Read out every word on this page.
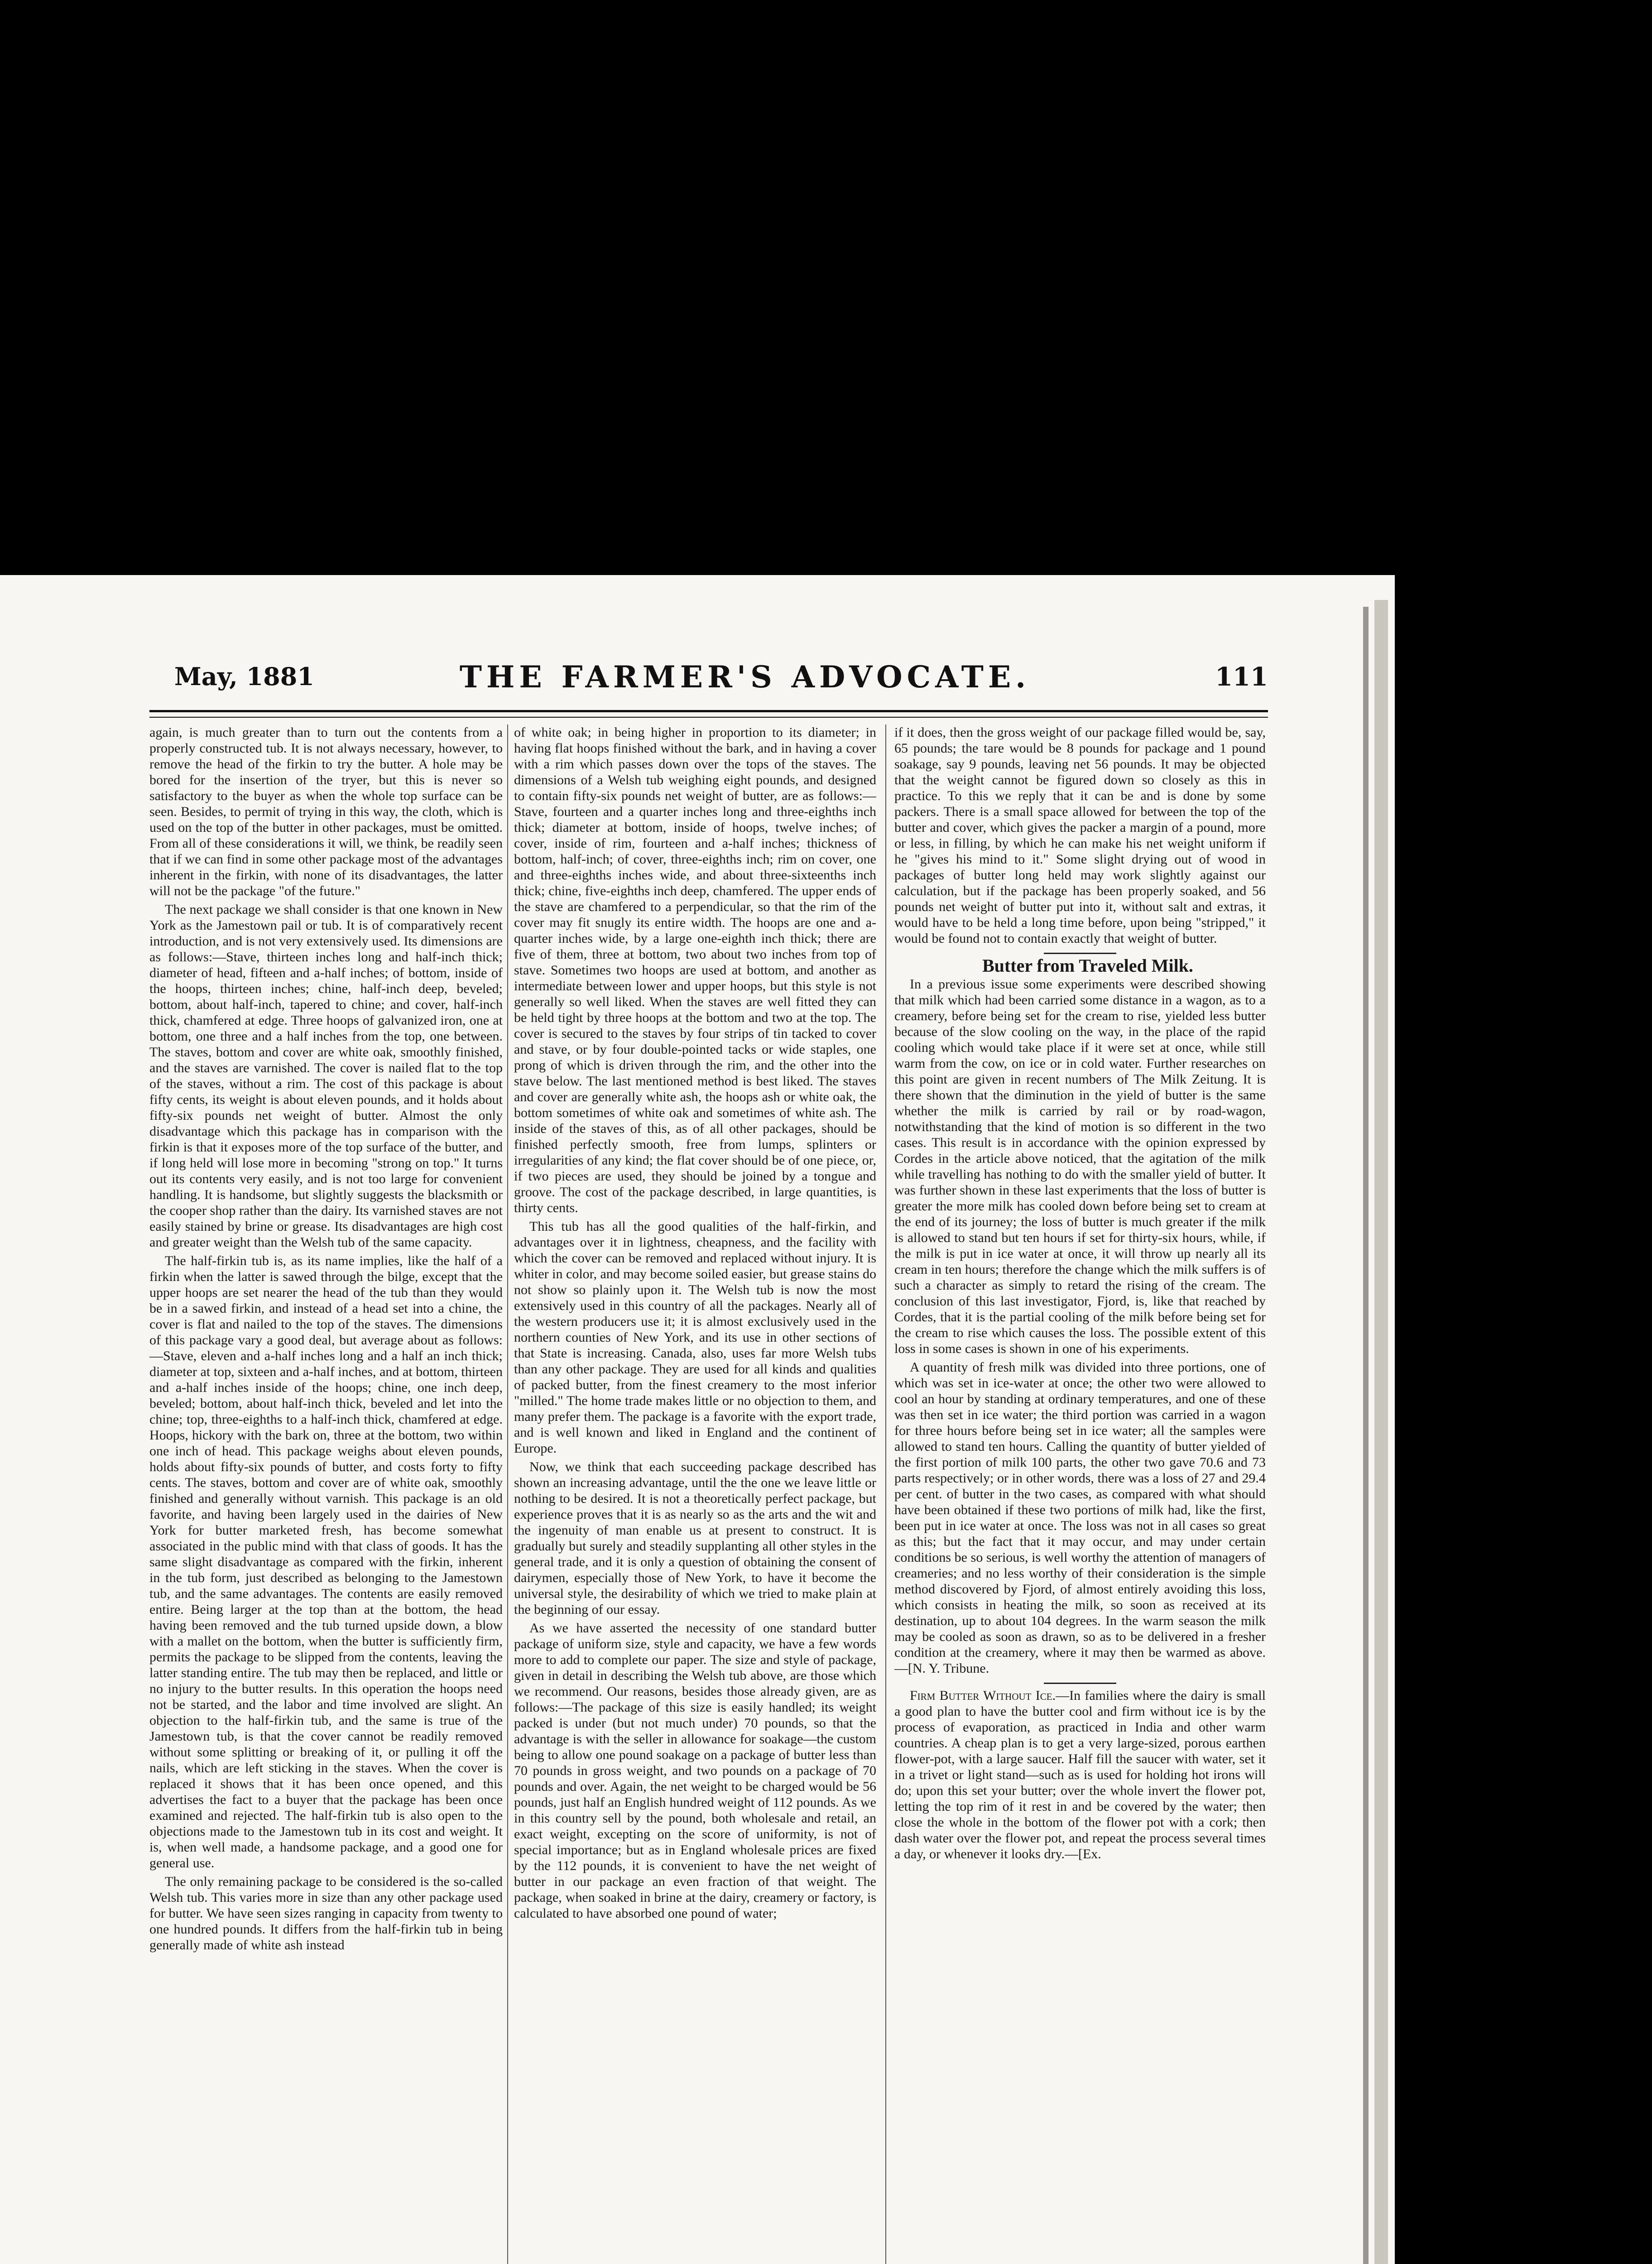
May, 1881	THE FARMER'S ADVOCATE.	111

again, is much greater than to turn out the contents from a properly constructed tub. It is not always necessary, however, to remove the head of the firkin to try the butter. A hole may be bored for the insertion of the tryer, but this is never so satisfactory to the buyer as when the whole top surface can be seen. Besides, to permit of trying in this way, the cloth, which is used on the top of the butter in other packages, must be omitted. From all of these considerations it will, we think, be readily seen that if we can find in some other package most of the advantages inherent in the firkin, with none of its disadvantages, the latter will not be the package "of the future."

The next package we shall consider is that one known in New York as the Jamestown pail or tub. It is of comparatively recent introduction, and is not very extensively used. Its dimensions are as follows:—Stave, thirteen inches long and half-inch thick; diameter of head, fifteen and a-half inches; of bottom, inside of the hoops, thirteen inches; chine, half-inch deep, beveled; bottom, about half-inch, tapered to chine; and cover, half-inch thick, chamfered at edge. Three hoops of galvanized iron, one at bottom, one three and a half inches from the top, one between. The staves, bottom and cover are white oak, smoothly finished, and the staves are varnished. The cover is nailed flat to the top of the staves, without a rim. The cost of this package is about fifty cents, its weight is about eleven pounds, and it holds about fifty-six pounds net weight of butter. Almost the only disadvantage which this package has in comparison with the firkin is that it exposes more of the top surface of the butter, and if long held will lose more in becoming "strong on top." It turns out its contents very easily, and is not too large for convenient handling. It is handsome, but slightly suggests the blacksmith or the cooper shop rather than the dairy. Its varnished staves are not easily stained by brine or grease. Its disadvantages are high cost and greater weight than the Welsh tub of the same capacity.

The half-firkin tub is, as its name implies, like the half of a firkin when the latter is sawed through the bilge, except that the upper hoops are set nearer the head of the tub than they would be in a sawed firkin, and instead of a head set into a chine, the cover is flat and nailed to the top of the staves. The dimensions of this package vary a good deal, but average about as follows:—Stave, eleven and a-half inches long and a half an inch thick; diameter at top, sixteen and a-half inches, and at bottom, thirteen and a-half inches inside of the hoops; chine, one inch deep, beveled; bottom, about half-inch thick, beveled and let into the chine; top, three-eighths to a half-inch thick, chamfered at edge. Hoops, hickory with the bark on, three at the bottom, two within one inch of head. This package weighs about eleven pounds, holds about fifty-six pounds of butter, and costs forty to fifty cents. The staves, bottom and cover are of white oak, smoothly finished and generally without varnish. This package is an old favorite, and having been largely used in the dairies of New York for butter marketed fresh, has become somewhat associated in the public mind with that class of goods. It has the same slight disadvantage as compared with the firkin, inherent in the tub form, just described as belonging to the Jamestown tub, and the same advantages. The contents are easily removed entire. Being larger at the top than at the bottom, the head having been removed and the tub turned upside down, a blow with a mallet on the bottom, when the butter is sufficiently firm, permits the package to be slipped from the contents, leaving the latter standing entire. The tub may then be replaced, and little or no injury to the butter results. In this operation the hoops need not be started, and the labor and time involved are slight. An objection to the half-firkin tub, and the same is true of the Jamestown tub, is that the cover cannot be readily removed without some splitting or breaking of it, or pulling it off the nails, which are left sticking in the staves. When the cover is replaced it shows that it has been once opened, and this advertises the fact to a buyer that the package has been once examined and rejected. The half-firkin tub is also open to the objections made to the Jamestown tub in its cost and weight. It is, when well made, a handsome package, and a good one for general use.

The only remaining package to be considered is the so-called Welsh tub. This varies more in size than any other package used for butter. We have seen sizes ranging in capacity from twenty to one hundred pounds. It differs from the half-firkin tub in being generally made of white ash instead

of white oak; in being higher in proportion to its diameter; in having flat hoops finished without the bark, and in having a cover with a rim which passes down over the tops of the staves. The dimensions of a Welsh tub weighing eight pounds, and designed to contain fifty-six pounds net weight of butter, are as follows:—Stave, fourteen and a quarter inches long and three-eighths inch thick; diameter at bottom, inside of hoops, twelve inches; of cover, inside of rim, fourteen and a-half inches; thickness of bottom, half-inch; of cover, three-eighths inch; rim on cover, one and three-eighths inches wide, and about three-sixteenths inch thick; chine, five-eighths inch deep, chamfered. The upper ends of the stave are chamfered to a perpendicular, so that the rim of the cover may fit snugly its entire width. The hoops are one and a-quarter inches wide, by a large one-eighth inch thick; there are five of them, three at bottom, two about two inches from top of stave. Sometimes two hoops are used at bottom, and another as intermediate between lower and upper hoops, but this style is not generally so well liked. When the staves are well fitted they can be held tight by three hoops at the bottom and two at the top. The cover is secured to the staves by four strips of tin tacked to cover and stave, or by four double-pointed tacks or wide staples, one prong of which is driven through the rim, and the other into the stave below. The last mentioned method is best liked. The staves and cover are generally white ash, the hoops ash or white oak, the bottom sometimes of white oak and sometimes of white ash. The inside of the staves of this, as of all other packages, should be finished perfectly smooth, free from lumps, splinters or irregularities of any kind; the flat cover should be of one piece, or, if two pieces are used, they should be joined by a tongue and groove. The cost of the package described, in large quantities, is thirty cents.

This tub has all the good qualities of the half-firkin, and advantages over it in lightness, cheapness, and the facility with which the cover can be removed and replaced without injury. It is whiter in color, and may become soiled easier, but grease stains do not show so plainly upon it. The Welsh tub is now the most extensively used in this country of all the packages. Nearly all of the western producers use it; it is almost exclusively used in the northern counties of New York, and its use in other sections of that State is increasing. Canada, also, uses far more Welsh tubs than any other package. They are used for all kinds and qualities of packed butter, from the finest creamery to the most inferior "milled." The home trade makes little or no objection to them, and many prefer them. The package is a favorite with the export trade, and is well known and liked in England and the continent of Europe.

Now, we think that each succeeding package described has shown an increasing advantage, until the the one we leave little or nothing to be desired. It is not a theoretically perfect package, but experience proves that it is as nearly so as the arts and the wit and the ingenuity of man enable us at present to construct. It is gradually but surely and steadily supplanting all other styles in the general trade, and it is only a question of obtaining the consent of dairymen, especially those of New York, to have it become the universal style, the desirability of which we tried to make plain at the beginning of our essay.

As we have asserted the necessity of one standard butter package of uniform size, style and capacity, we have a few words more to add to complete our paper. The size and style of package, given in detail in describing the Welsh tub above, are those which we recommend. Our reasons, besides those already given, are as follows:—The package of this size is easily handled; its weight packed is under (but not much under) 70 pounds, so that the advantage is with the seller in allowance for soakage—the custom being to allow one pound soakage on a package of butter less than 70 pounds in gross weight, and two pounds on a package of 70 pounds and over. Again, the net weight to be charged would be 56 pounds, just half an English hundred weight of 112 pounds. As we in this country sell by the pound, both wholesale and retail, an exact weight, excepting on the score of uniformity, is not of special importance; but as in England wholesale prices are fixed by the 112 pounds, it is convenient to have the net weight of butter in our package an even fraction of that weight. The package, when soaked in brine at the dairy, creamery or factory, is calculated to have absorbed one pound of water;

if it does, then the gross weight of our package filled would be, say, 65 pounds; the tare would be 8 pounds for package and 1 pound soakage, say 9 pounds, leaving net 56 pounds. It may be objected that the weight cannot be figured down so closely as this in practice. To this we reply that it can be and is done by some packers. There is a small space allowed for between the top of the butter and cover, which gives the packer a margin of a pound, more or less, in filling, by which he can make his net weight uniform if he "gives his mind to it." Some slight drying out of wood in packages of butter long held may work slightly against our calculation, but if the package has been properly soaked, and 56 pounds net weight of butter put into it, without salt and extras, it would have to be held a long time before, upon being "stripped," it would be found not to contain exactly that weight of butter.

Butter from Traveled Milk.

In a previous issue some experiments were described showing that milk which had been carried some distance in a wagon, as to a creamery, before being set for the cream to rise, yielded less butter because of the slow cooling on the way, in the place of the rapid cooling which would take place if it were set at once, while still warm from the cow, on ice or in cold water. Further researches on this point are given in recent numbers of The Milk Zeitung. It is there shown that the diminution in the yield of butter is the same whether the milk is carried by rail or by road-wagon, notwithstanding that the kind of motion is so different in the two cases. This result is in accordance with the opinion expressed by Cordes in the article above noticed, that the agitation of the milk while travelling has nothing to do with the smaller yield of butter. It was further shown in these last experiments that the loss of butter is greater the more milk has cooled down before being set to cream at the end of its journey; the loss of butter is much greater if the milk is allowed to stand but ten hours if set for thirty-six hours, while, if the milk is put in ice water at once, it will throw up nearly all its cream in ten hours; therefore the change which the milk suffers is of such a character as simply to retard the rising of the cream. The conclusion of this last investigator, Fjord, is, like that reached by Cordes, that it is the partial cooling of the milk before being set for the cream to rise which causes the loss. The possible extent of this loss in some cases is shown in one of his experiments.

A quantity of fresh milk was divided into three portions, one of which was set in ice-water at once; the other two were allowed to cool an hour by standing at ordinary temperatures, and one of these was then set in ice water; the third portion was carried in a wagon for three hours before being set in ice water; all the samples were allowed to stand ten hours. Calling the quantity of butter yielded of the first portion of milk 100 parts, the other two gave 70.6 and 73 parts respectively; or in other words, there was a loss of 27 and 29.4 per cent. of butter in the two cases, as compared with what should have been obtained if these two portions of milk had, like the first, been put in ice water at once. The loss was not in all cases so great as this; but the fact that it may occur, and may under certain conditions be so serious, is well worthy the attention of managers of creameries; and no less worthy of their consideration is the simple method discovered by Fjord, of almost entirely avoiding this loss, which consists in heating the milk, so soon as received at its destination, up to about 104 degrees. In the warm season the milk may be cooled as soon as drawn, so as to be delivered in a fresher condition at the creamery, where it may then be warmed as above.—[N. Y. Tribune.

Firm Butter Without Ice.—In families where the dairy is small a good plan to have the butter cool and firm without ice is by the process of evaporation, as practiced in India and other warm countries. A cheap plan is to get a very large-sized, porous earthen flower-pot, with a large saucer. Half fill the saucer with water, set it in a trivet or light stand—such as is used for holding hot irons will do; upon this set your butter; over the whole invert the flower pot, letting the top rim of it rest in and be covered by the water; then close the whole in the bottom of the flower pot with a cork; then dash water over the flower pot, and repeat the process several times a day, or whenever it looks dry.—[Ex.
